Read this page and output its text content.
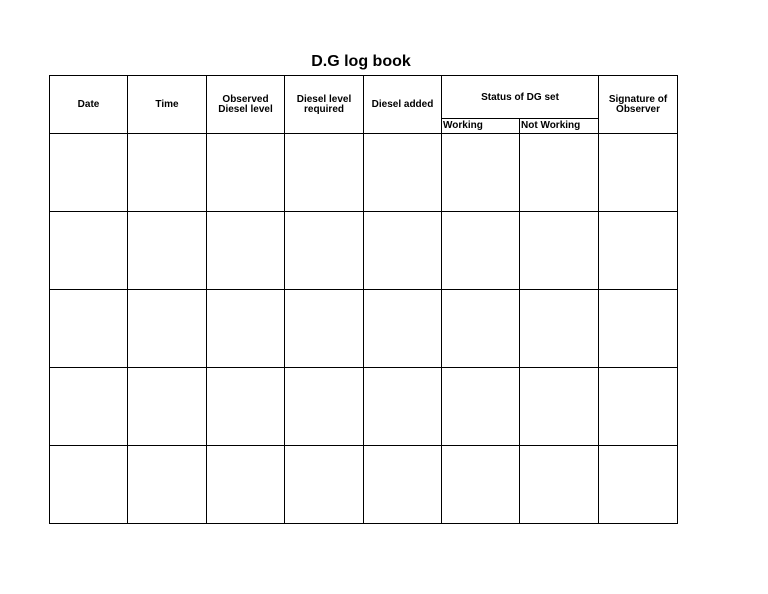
D.G log book
Date	Time	Observed Diesel level	Diesel level required	Diesel added	Status of DG set		Signature of Observer
					Working	Not Working	
